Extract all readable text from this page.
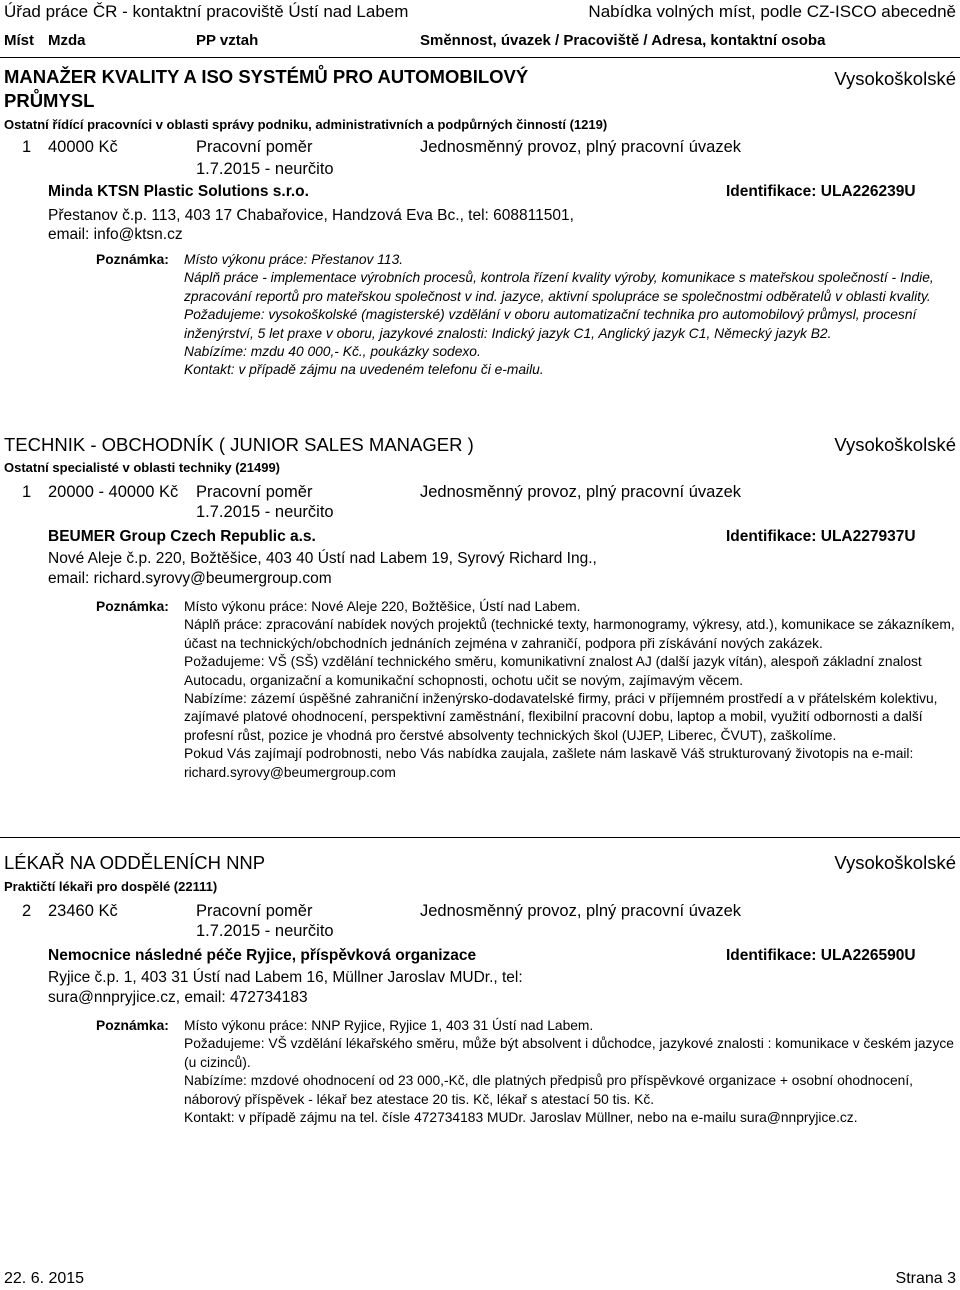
Úřad práce ČR - kontaktní pracoviště Ústí nad Labem	Nabídka volných míst, podle CZ-ISCO abecedně
Míst Mzda	PP vztah	Směnnost, úvazek / Pracoviště / Adresa, kontaktní osoba
MANAŽER KVALITY A ISO SYSTÉMŮ PRO AUTOMOBILOVÝ
PRŮMYSL
Vysokoškolské
Ostatní řídící pracovníci v oblasti správy podniku, administrativních a podpůrných činností (1219)
1 40000 Kč	Pracovní poměr	Jednosměnný provoz, plný pracovní úvazek
1.7.2015 - neurčito
Minda KTSN Plastic Solutions s.r.o.	Identifikace: ULA226239U
Přestanov č.p. 113, 403 17 Chabařovice, Handzová Eva Bc., tel: 608811501,
email: info@ktsn.cz
Poznámka: Místo výkonu práce: Přestanov 113.

Náplň práce - implementace výrobních procesů, kontrola řízení kvality výroby, komunikace s mateřskou společností - Indie, zpracování reportů pro mateřskou společnost v ind. jazyce, aktivní spolupráce se společnostmi odběratelů v oblasti kvality.

Požadujeme: vysokoškolské (magisterské) vzdělání v oboru automatizační technika pro automobilový průmysl, procesní inženýrství, 5 let praxe v oboru, jazykové znalosti: Indický jazyk C1, Anglický jazyk C1, Německý jazyk B2.

Nabízíme: mzdu 40 000,- Kč., poukázky sodexo.

Kontakt: v případě zájmu na uvedeném telefonu či e-mailu.

TECHNIK - OBCHODNÍK ( JUNIOR SALES MANAGER )	Vysokoškolské
Ostatní specialisté v oblasti techniky (21499)
1 20000 - 40000 Kč Pracovní poměr	Jednosměnný provoz, plný pracovní úvazek
1.7.2015 - neurčito
BEUMER Group Czech Republic a.s.	Identifikace: ULA227937U
Nové Aleje č.p. 220, Božtěšice, 403 40 Ústí nad Labem 19, Syrový Richard Ing.,
email: richard.syrovy@beumergroup.com
Poznámka: Místo výkonu práce: Nové Aleje 220, Božtěšice, Ústí nad Labem.

Náplň práce: zpracování nabídek nových projektů (technické texty, harmonogramy, výkresy, atd.), komunikace se zákazníkem, účast na technických/obchodních jednáních zejména v zahraničí, podpora při získávání nových zakázek.

Požadujeme: VŠ (SŠ) vzdělání technického směru, komunikativní znalost AJ (další jazyk vítán), alespoň základní znalost Autocadu, organizační a komunikační schopnosti, ochotu učit se novým, zajímavým věcem.

Nabízíme: zázemí úspěšné zahraniční inženýrsko-dodavatelské firmy, práci v příjemném prostředí a v přátelském kolektivu, zajímavé platové ohodnocení, perspektivní zaměstnání, flexibilní pracovní dobu, laptop a mobil, využití odbornosti a další profesní růst, pozice je vhodná pro čerstvé absolventy technických škol (UJEP, Liberec, ČVUT), zaškolíme.

Pokud Vás zajímají podrobnosti, nebo Vás nabídka zaujala, zašlete nám laskavě Váš strukturovaný životopis na e-mail: richard.syrovy@beumergroup.com

LÉKAŘ NA ODDĚLENÍCH NNP	Vysokoškolské
Praktičtí lékaři pro dospělé (22111)
2 23460 Kč	Pracovní poměr	Jednosměnný provoz, plný pracovní úvazek
1.7.2015 - neurčito
Nemocnice následné péče Ryjice, příspěvková organizace	Identifikace: ULA226590U
Ryjice č.p. 1, 403 31 Ústí nad Labem 16, Müllner Jaroslav MUDr., tel:
sura@nnpryjice.cz, email: 472734183
Poznámka: Místo výkonu práce: NNP Ryjice, Ryjice 1, 403 31 Ústí nad Labem.

Požadujeme: VŠ vzdělání lékařského směru, může být absolvent i důchodce, jazykové znalosti : komunikace v českém jazyce (u cizinců).

Nabízíme: mzdové ohodnocení od 23 000,-Kč, dle platných předpisů pro příspěvkové organizace + osobní ohodnocení, náborový příspěvek - lékař bez atestace 20 tis. Kč, lékař s atestací 50 tis. Kč.

Kontakt: v případě zájmu na tel. čísle 472734183 MUDr. Jaroslav Müllner, nebo na e-mailu sura@nnpryjice.cz.

22. 6. 2015	Strana 3
